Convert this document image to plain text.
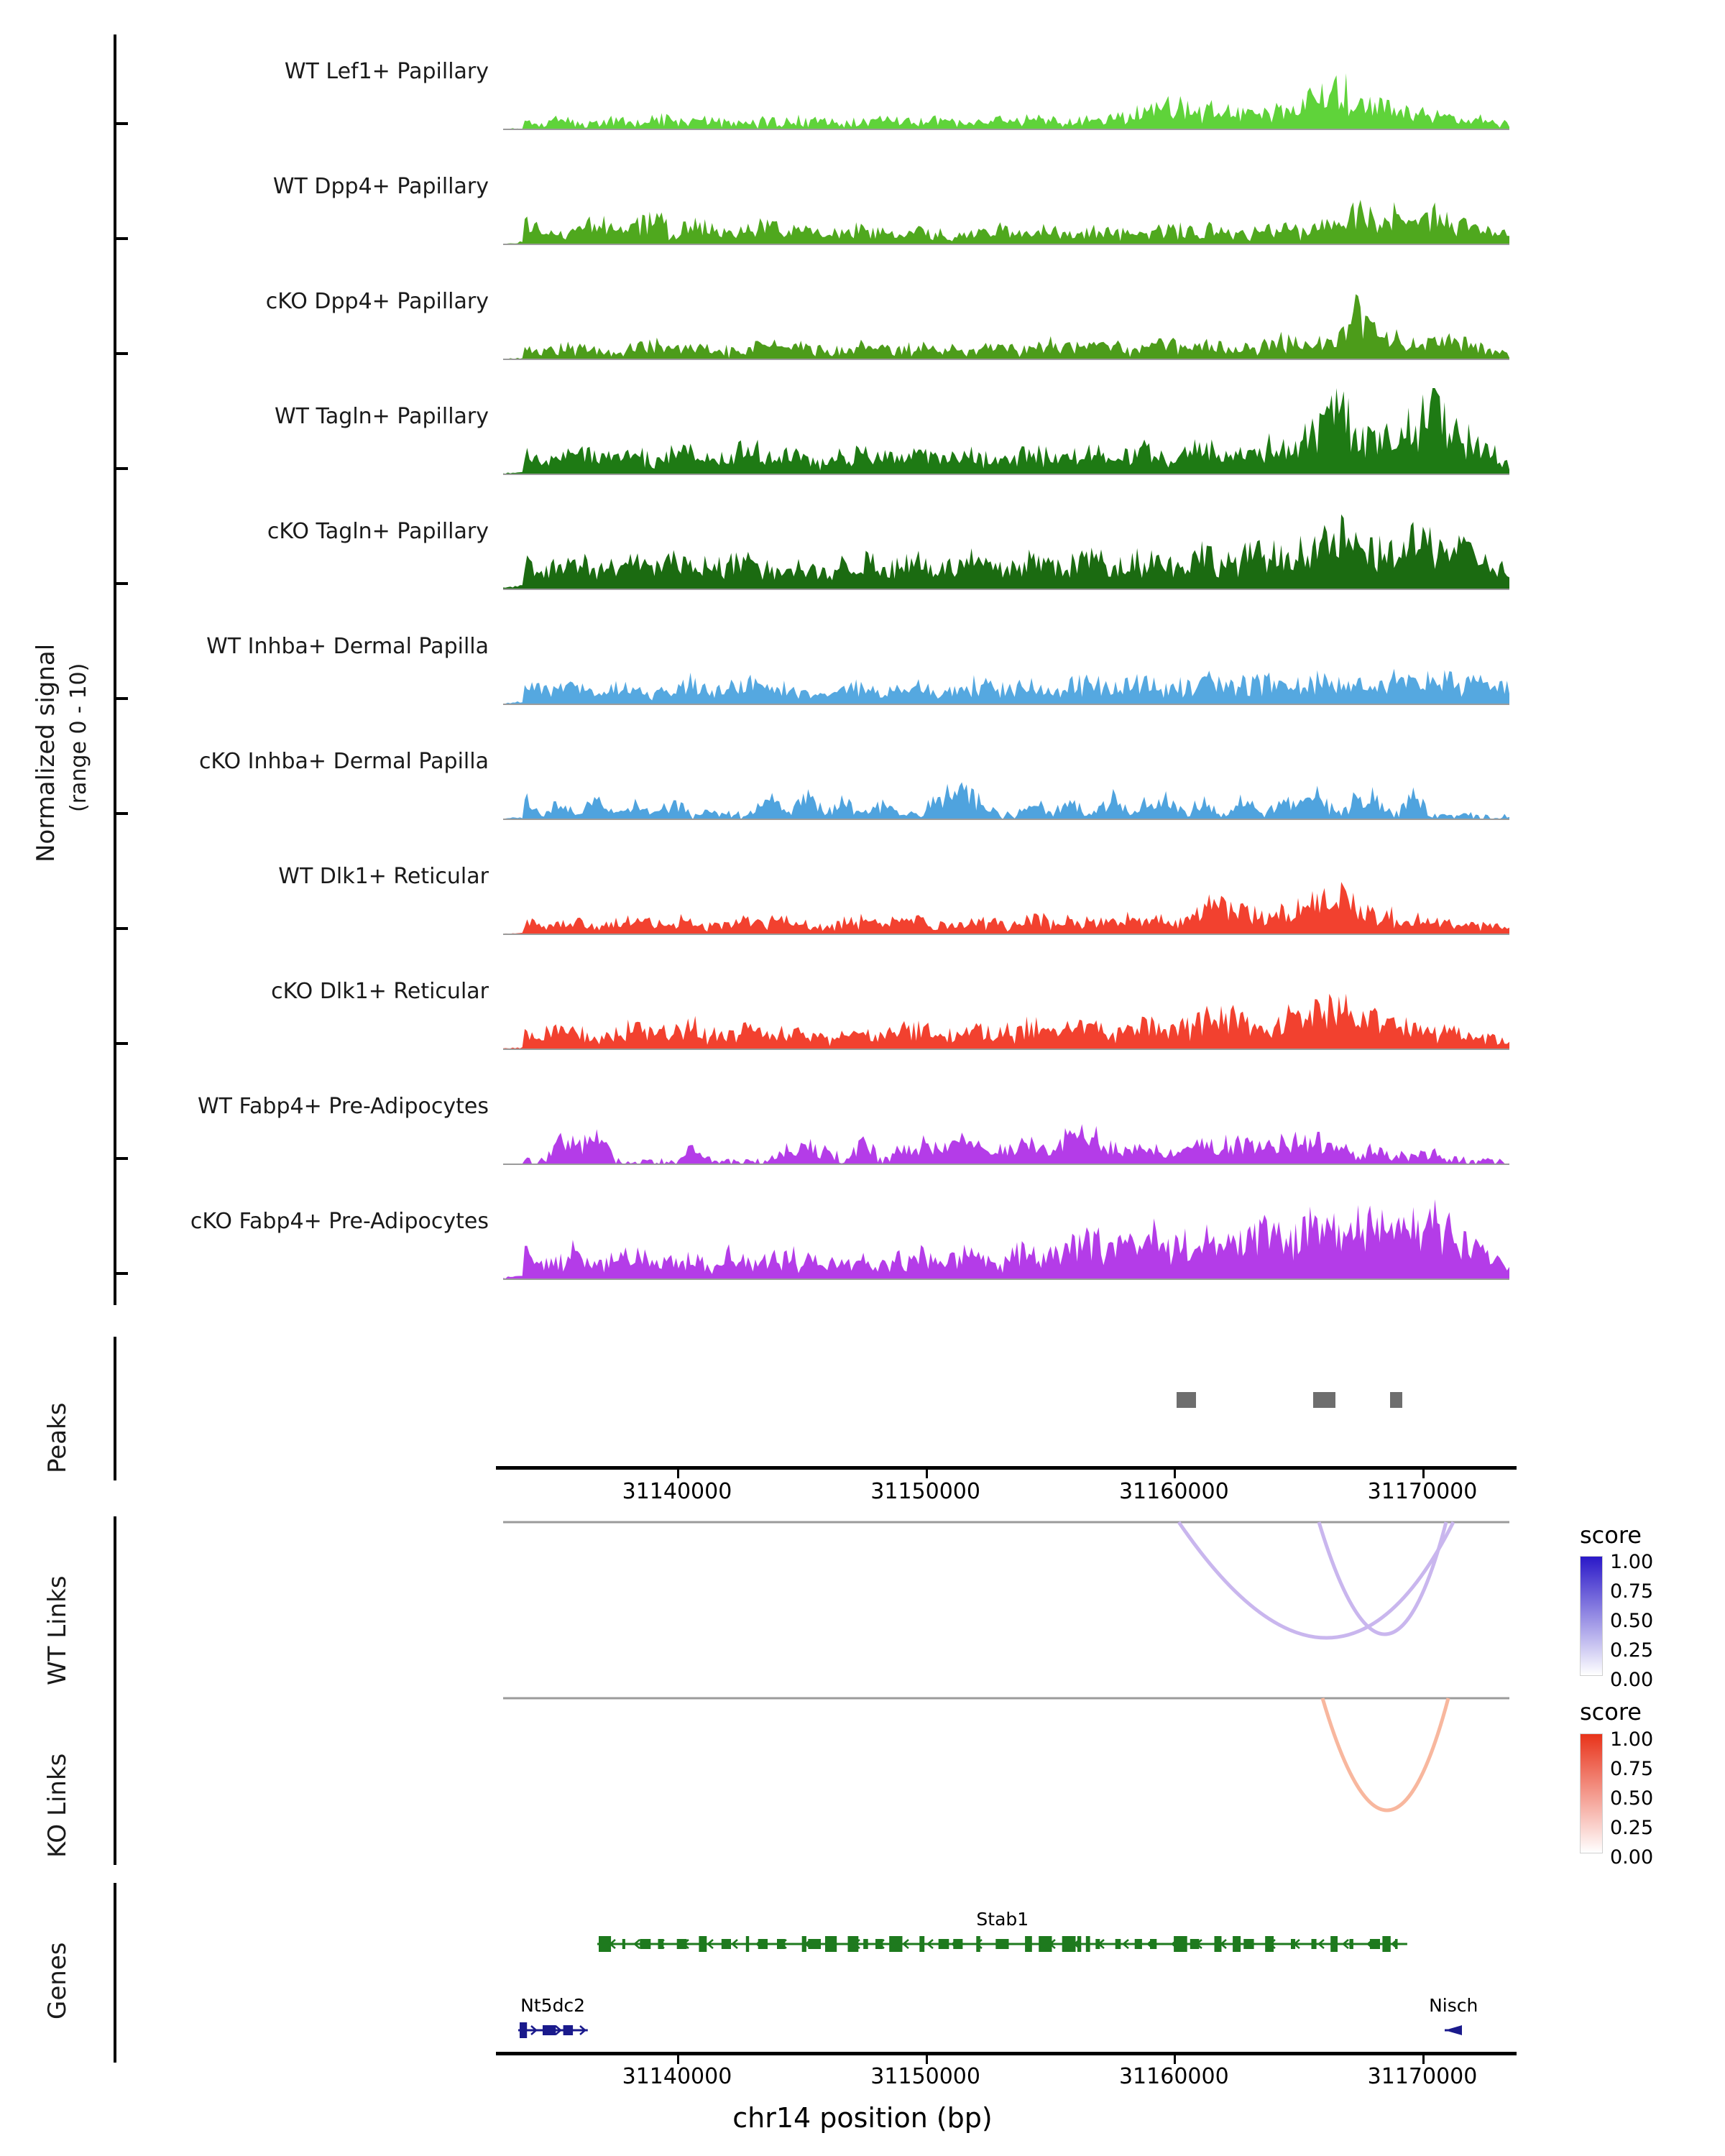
Normalized signal (range 0 - 10)
WT Lef1+ Papillary
WT Dpp4+ Papillary
cKO Dpp4+ Papillary
WT Tagln+ Papillary
cKO Tagln+ Papillary
WT Inhba+ Dermal Papilla
cKO Inhba+ Dermal Papilla
WT Dlk1+ Reticular
cKO Dlk1+ Reticular
WT Fabp4+ Pre-Adipocytes
cKO Fabp4+ Pre-Adipocytes
Peaks
31140000	31150000	31160000	31170000
WT Links
score
1.00
0.75
0.50
0.25
0.00
KO Links
score
1.00
0.75
0.50
0.25
0.00
Genes
Stab1
Nt5dc2	Nisch
31140000	31150000	31160000	31170000
chr14 position (bp)
